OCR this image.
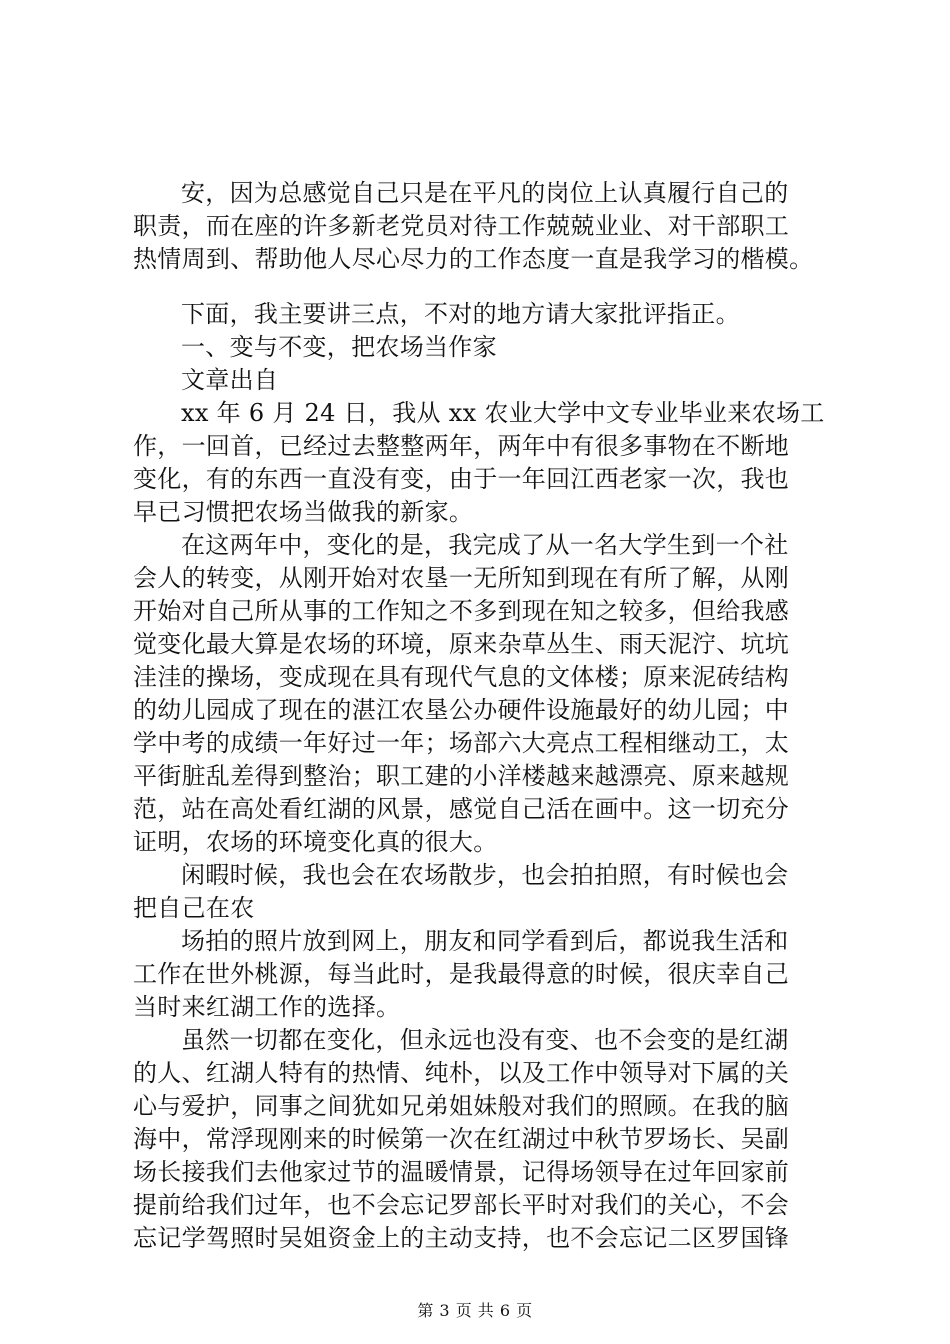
安，因为总感觉自己只是在平凡的岗位上认真履行自己的
职责，而在座的许多新老党员对待工作兢兢业业、对干部职工
热情周到、帮助他人尽心尽力的工作态度一直是我学习的楷模。
下面，我主要讲三点，不对的地方请大家批评指正。
一、变与不变，把农场当作家
文章出自
xx 年 6 月 24 日，我从 xx 农业大学中文专业毕业来农场工
作，一回首，已经过去整整两年，两年中有很多事物在不断地
变化，有的东西一直没有变，由于一年回江西老家一次，我也
早已习惯把农场当做我的新家。
在这两年中，变化的是，我完成了从一名大学生到一个社
会人的转变，从刚开始对农垦一无所知到现在有所了解，从刚
开始对自己所从事的工作知之不多到现在知之较多，但给我感
觉变化最大算是农场的环境，原来杂草丛生、雨天泥泞、坑坑
洼洼的操场，变成现在具有现代气息的文体楼；原来泥砖结构
的幼儿园成了现在的湛江农垦公办硬件设施最好的幼儿园；中
学中考的成绩一年好过一年；场部六大亮点工程相继动工，太
平街脏乱差得到整治；职工建的小洋楼越来越漂亮、原来越规
范，站在高处看红湖的风景，感觉自己活在画中。这一切充分
证明，农场的环境变化真的很大。
闲暇时候，我也会在农场散步，也会拍拍照，有时候也会
把自己在农
场拍的照片放到网上，朋友和同学看到后，都说我生活和
工作在世外桃源，每当此时，是我最得意的时候，很庆幸自己
当时来红湖工作的选择。
虽然一切都在变化，但永远也没有变、也不会变的是红湖
的人、红湖人特有的热情、纯朴，以及工作中领导对下属的关
心与爱护，同事之间犹如兄弟姐妹般对我们的照顾。在我的脑
海中，常浮现刚来的时候第一次在红湖过中秋节罗场长、吴副
场长接我们去他家过节的温暖情景，记得场领导在过年回家前
提前给我们过年，也不会忘记罗部长平时对我们的关心，不会
忘记学驾照时吴姐资金上的主动支持，也不会忘记二区罗国锋
第 3 页 共 6 页
